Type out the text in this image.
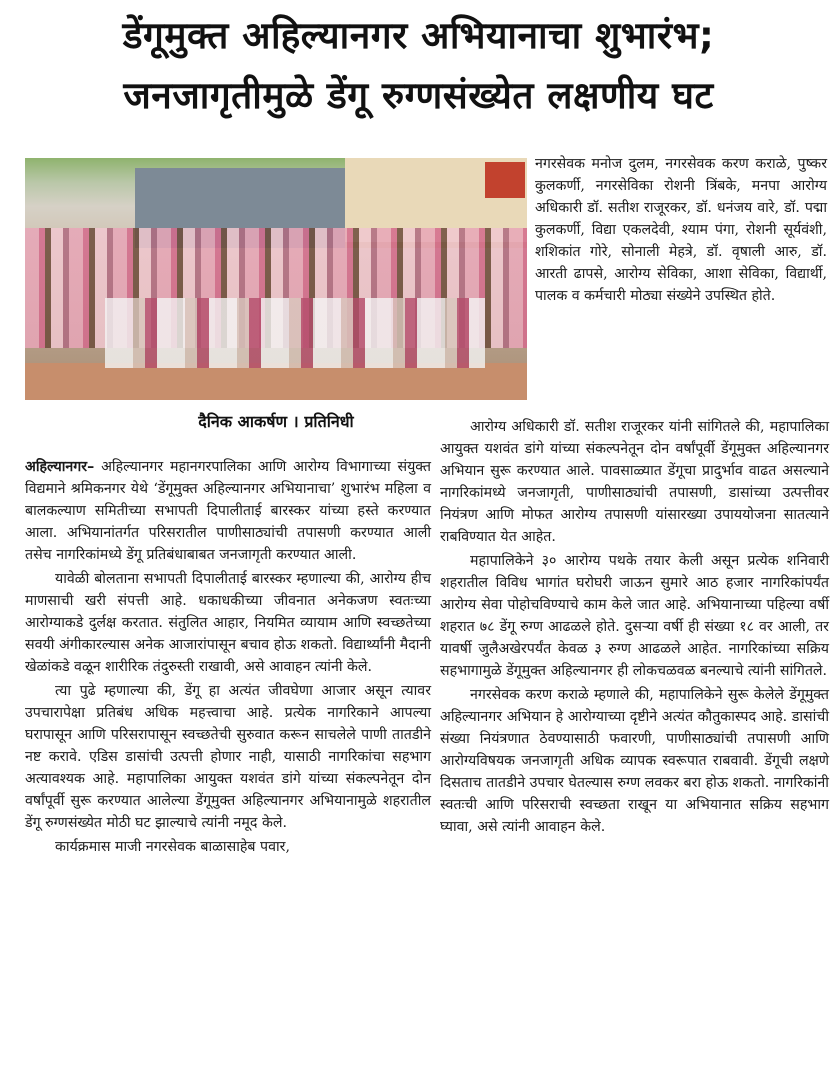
डेंगूमुक्त अहिल्यानगर अभियानाचा शुभारंभ;
जनजागृतीमुळे डेंगू रुग्णसंख्येत लक्षणीय घट
दैनिक आकर्षण । प्रतिनिधी

नगरसेवक मनोज दुलम, नगरसेवक करण कराळे, पुष्कर कुलकर्णी, नगरसेविका रोशनी त्रिंबके, मनपा आरोग्य अधिकारी डॉ. सतीश राजूरकर, डॉ. धनंजय वारे, डॉ. पद्मा कुलकर्णी, विद्या एकलदेवी, श्याम पंगा, रोशनी सूर्यवंशी, शशिकांत गोरे, सोनाली मेहत्रे, डॉ. वृषाली आरु, डॉ. आरती ढापसे, आरोग्य सेविका, आशा सेविका, विद्यार्थी, पालक व कर्मचारी मोठ्या संख्येने उपस्थित होते.

अहिल्यानगर– अहिल्यानगर महानगरपालिका आणि आरोग्य विभागाच्या संयुक्त विद्यमाने श्रमिकनगर येथे ‘डेंगूमुक्त अहिल्यानगर अभियानाचा’ शुभारंभ महिला व बालकल्याण समितीच्या सभापती दिपालीताई बारस्कर यांच्या हस्ते करण्यात आला. अभियानांतर्गत परिसरातील पाणीसाठ्यांची तपासणी करण्यात आली तसेच नागरिकांमध्ये डेंगू प्रतिबंधाबाबत जनजागृती करण्यात आली.

यावेळी बोलताना सभापती दिपालीताई बारस्कर म्हणाल्या की, आरोग्य हीच माणसाची खरी संपत्ती आहे. धकाधकीच्या जीवनात अनेकजण स्वतःच्या आरोग्याकडे दुर्लक्ष करतात. संतुलित आहार, नियमित व्यायाम आणि स्वच्छतेच्या सवयी अंगीकारल्यास अनेक आजारांपासून बचाव होऊ शकतो. विद्यार्थ्यांनी मैदानी खेळांकडे वळून शारीरिक तंदुरुस्ती राखावी, असे आवाहन त्यांनी केले.

त्या पुढे म्हणाल्या की, डेंगू हा अत्यंत जीवघेणा आजार असून त्यावर उपचारापेक्षा प्रतिबंध अधिक महत्त्वाचा आहे. प्रत्येक नागरिकाने आपल्या घरापासून आणि परिसरापासून स्वच्छतेची सुरुवात करून साचलेले पाणी तातडीने नष्ट करावे. एडिस डासांची उत्पत्ती होणार नाही, यासाठी नागरिकांचा सहभाग अत्यावश्यक आहे. महापालिका आयुक्त यशवंत डांगे यांच्या संकल्पनेतून दोन वर्षांपूर्वी सुरू करण्यात आलेल्या डेंगूमुक्त अहिल्यानगर अभियानामुळे शहरातील डेंगू रुग्णसंख्येत मोठी घट झाल्याचे त्यांनी नमूद केले.

कार्यक्रमास माजी नगरसेवक बाळासाहेब पवार,

आरोग्य अधिकारी डॉ. सतीश राजूरकर यांनी सांगितले की, महापालिका आयुक्त यशवंत डांगे यांच्या संकल्पनेतून दोन वर्षांपूर्वी डेंगूमुक्त अहिल्यानगर अभियान सुरू करण्यात आले. पावसाळ्यात डेंगूचा प्रादुर्भाव वाढत असल्याने नागरिकांमध्ये जनजागृती, पाणीसाठ्यांची तपासणी, डासांच्या उत्पत्तीवर नियंत्रण आणि मोफत आरोग्य तपासणी यांसारख्या उपाययोजना सातत्याने राबविण्यात येत आहेत.

महापालिकेने ३० आरोग्य पथके तयार केली असून प्रत्येक शनिवारी शहरातील विविध भागांत घरोघरी जाऊन सुमारे आठ हजार नागरिकांपर्यंत आरोग्य सेवा पोहोचविण्याचे काम केले जात आहे. अभियानाच्या पहिल्या वर्षी शहरात ७८ डेंगू रुग्ण आढळले होते. दुसऱ्या वर्षी ही संख्या १८ वर आली, तर यावर्षी जुलैअखेरपर्यंत केवळ ३ रुग्ण आढळले आहेत. नागरिकांच्या सक्रिय सहभागामुळे डेंगूमुक्त अहिल्यानगर ही लोकचळवळ बनल्याचे त्यांनी सांगितले.

नगरसेवक करण कराळे म्हणाले की, महापालिकेने सुरू केलेले डेंगूमुक्त अहिल्यानगर अभियान हे आरोग्याच्या दृष्टीने अत्यंत कौतुकास्पद आहे. डासांची संख्या नियंत्रणात ठेवण्यासाठी फवारणी, पाणीसाठ्यांची तपासणी आणि आरोग्यविषयक जनजागृती अधिक व्यापक स्वरूपात राबवावी. डेंगूची लक्षणे दिसताच तातडीने उपचार घेतल्यास रुग्ण लवकर बरा होऊ शकतो. नागरिकांनी स्वतःची आणि परिसराची स्वच्छता राखून या अभियानात सक्रिय सहभाग घ्यावा, असे त्यांनी आवाहन केले.
